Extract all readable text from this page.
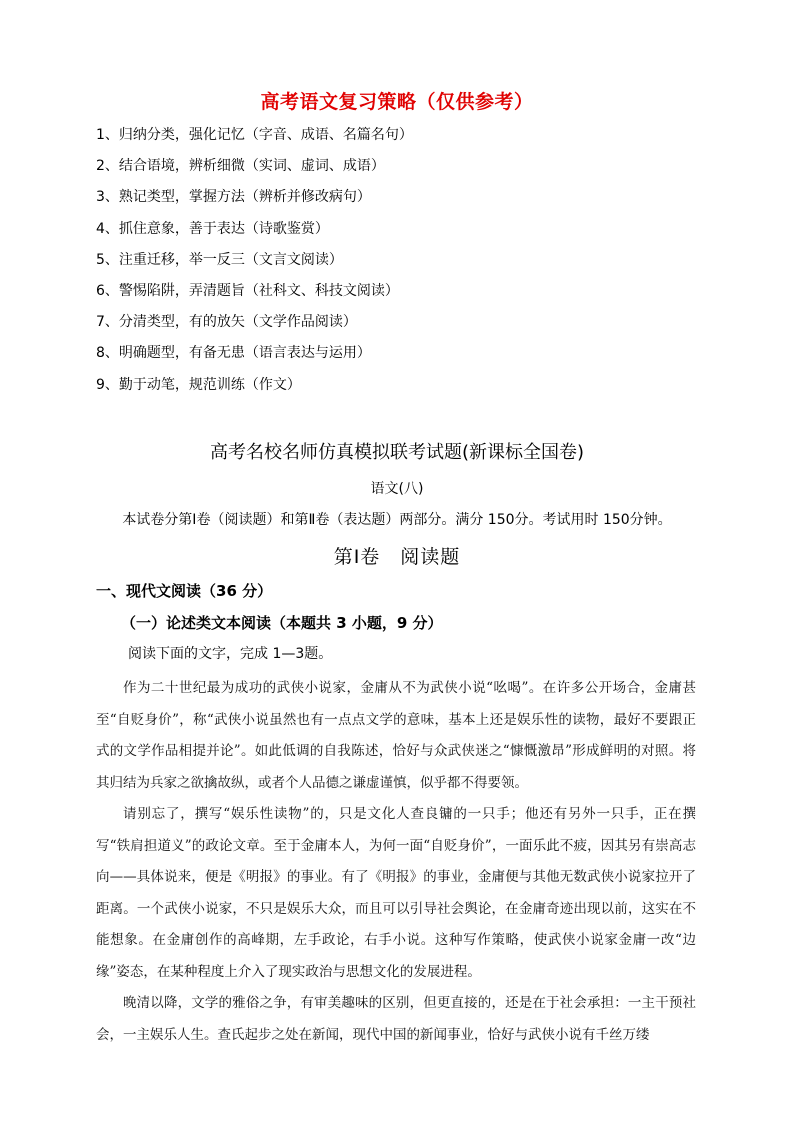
高考语文复习策略（仅供参考）
1、归纳分类，强化记忆（字音、成语、名篇名句）
2、结合语境，辨析细微（实词、虚词、成语）
3、熟记类型，掌握方法（辨析并修改病句）
4、抓住意象，善于表达（诗歌鉴赏）
5、注重迁移，举一反三（文言文阅读）
6、警惕陷阱，弄清题旨（社科文、科技文阅读）
7、分清类型，有的放矢（文学作品阅读）
8、明确题型，有备无患（语言表达与运用）
9、勤于动笔，规范训练（作文）
高考名校名师仿真模拟联考试题(新课标全国卷)
语文(八)
本试卷分第Ⅰ卷（阅读题）和第Ⅱ卷（表达题）两部分。满分 150分。考试用时 150分钟。
第Ⅰ卷　阅读题
一、现代文阅读（36 分）
（一）论述类文本阅读（本题共 3 小题，9 分）
阅读下面的文字，完成 1—3题。

作为二十世纪最为成功的武侠小说家，金庸从不为武侠小说“吆喝”。在许多公开场合，金庸甚至“自贬身价”，称“武侠小说虽然也有一点点文学的意味，基本上还是娱乐性的读物，最好不要跟正式的文学作品相提并论”。如此低调的自我陈述，恰好与众武侠迷之“慷慨激昂”形成鲜明的对照。将其归结为兵家之欲擒故纵，或者个人品德之谦虚谨慎，似乎都不得要领。

请别忘了，撰写“娱乐性读物”的，只是文化人查良镛的一只手；他还有另外一只手，正在撰写“铁肩担道义”的政论文章。至于金庸本人，为何一面“自贬身价”，一面乐此不疲，因其另有崇高志向——具体说来，便是《明报》的事业。有了《明报》的事业，金庸便与其他无数武侠小说家拉开了距离。一个武侠小说家，不只是娱乐大众，而且可以引导社会舆论，在金庸奇迹出现以前，这实在不能想象。在金庸创作的高峰期，左手政论，右手小说。这种写作策略，使武侠小说家金庸一改“边缘”姿态，在某种程度上介入了现实政治与思想文化的发展进程。

晚清以降，文学的雅俗之争，有审美趣味的区别，但更直接的，还是在于社会承担：一主干预社会，一主娱乐人生。查氏起步之处在新闻，现代中国的新闻事业，恰好与武侠小说有千丝万缕
